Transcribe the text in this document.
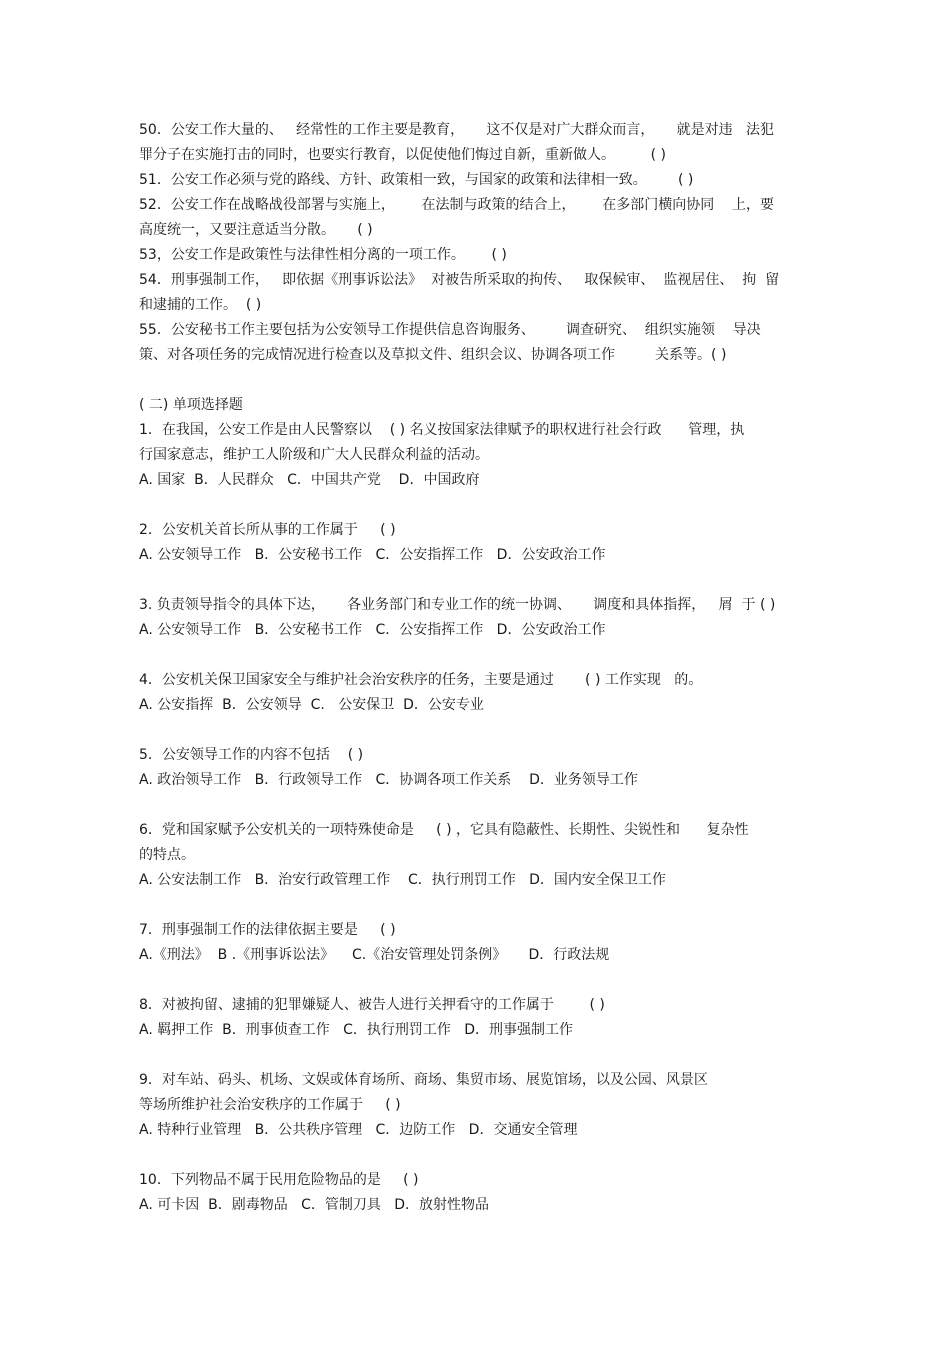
50．公安工作大量的、   经常性的工作主要是教育，     这不仅是对广大群众而言，     就是对违   法犯
罪分子在实施打击的同时，也要实行教育，以促使他们悔过自新，重新做人。        ( )
51．公安工作必须与党的路线、方针、政策相一致，与国家的政策和法律相一致。       ( )
52．公安工作在战略战役部署与实施上，      在法制与政策的结合上，      在多部门横向协同    上，要
高度统一，又要注意适当分散。     ( )
53，公安工作是政策性与法律性相分离的一项工作。      ( )
54．刑事强制工作，   即依据《刑事诉讼法》  对被告所采取的拘传、   取保候审、  监视居住、  拘  留
和逮捕的工作。  ( )
55．公安秘书工作主要包括为公安领导工作提供信息咨询服务、       调查研究、  组织实施领    导决
策、对各项任务的完成情况进行检查以及草拟文件、组织会议、协调各项工作         关系等。( )
( 二) 单项选择题
1．在我国，公安工作是由人民警察以    ( ) 名义按国家法律赋予的职权进行社会行政      管理，执
行国家意志，维护工人阶级和广大人民群众利益的活动。
A. 国家  B．人民群众   C．中国共产党    D．中国政府
2．公安机关首长所从事的工作属于     ( )
A. 公安领导工作   B．公安秘书工作   C．公安指挥工作   D．公安政治工作
3. 负责领导指令的具体下达，     各业务部门和专业工作的统一协调、     调度和具体指挥，   屑  于 ( )
A. 公安领导工作   B．公安秘书工作   C．公安指挥工作   D．公安政治工作
4．公安机关保卫国家安全与维护社会治安秩序的任务，主要是通过       ( ) 工作实现   的。
A. 公安指挥  B．公安领导  C.   公安保卫  D．公安专业
5．公安领导工作的内容不包括    ( )
A. 政治领导工作   B．行政领导工作   C．协调各项工作关系    D．业务领导工作
6．党和国家赋予公安机关的一项特殊使命是     ( ) ，它具有隐蔽性、长期性、尖锐性和      复杂性
的特点。
A. 公安法制工作   B．治安行政管理工作    C．执行刑罚工作   D．国内安全保卫工作
7．刑事强制工作的法律依据主要是     ( )
A.《刑法》  B .《刑事诉讼法》    C.《治安管理处罚条例》     D．行政法规
8．对被拘留、逮捕的犯罪嫌疑人、被告人进行关押看守的工作属于        ( )
A. 羁押工作  B．刑事侦查工作   C．执行刑罚工作   D．刑事强制工作
9．对车站、码头、机场、文娱或体育场所、商场、集贸市场、展览馆场，以及公园、风景区
等场所维护社会治安秩序的工作属于     ( )
A. 特种行业管理   B．公共秩序管理   C．边防工作   D．交通安全管理
10．下列物品不属于民用危险物品的是     ( )
A. 可卡因  B．剧毒物品   C．管制刀具   D．放射性物品
